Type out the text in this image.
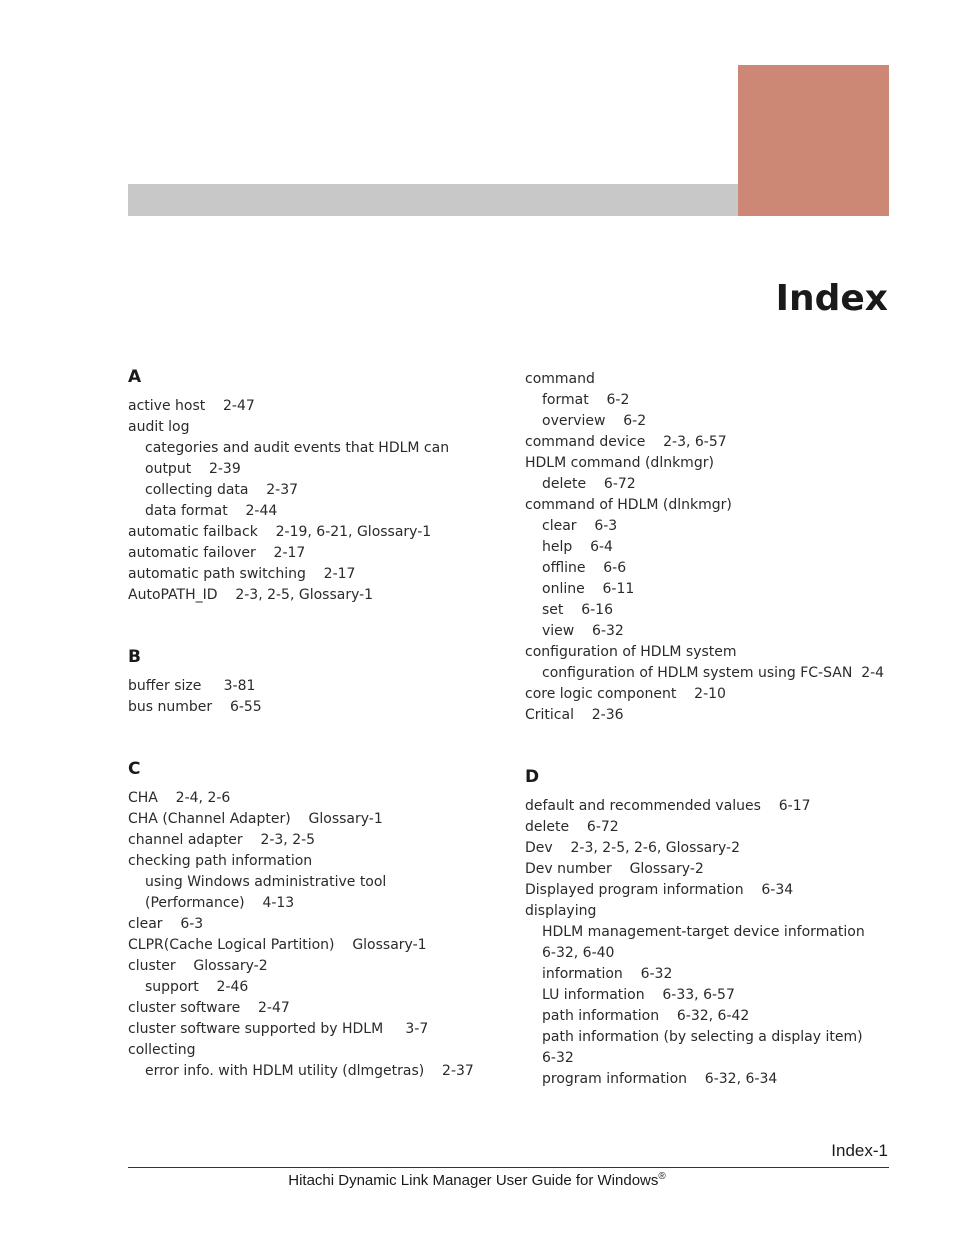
Index
A
active host    2-47
audit log
categories and audit events that HDLM can
output    2-39
collecting data    2-37
data format    2-44
automatic failback    2-19, 6-21, Glossary-1
automatic failover    2-17
automatic path switching    2-17
AutoPATH_ID    2-3, 2-5, Glossary-1
B
buffer size     3-81
bus number    6-55
C
CHA    2-4, 2-6
CHA (Channel Adapter)    Glossary-1
channel adapter    2-3, 2-5
checking path information
using Windows administrative tool
(Performance)    4-13
clear    6-3
CLPR(Cache Logical Partition)    Glossary-1
cluster    Glossary-2
support    2-46
cluster software    2-47
cluster software supported by HDLM     3-7
collecting
error info. with HDLM utility (dlmgetras)    2-37
command
format    6-2
overview    6-2
command device    2-3, 6-57
HDLM command (dlnkmgr)
delete    6-72
command of HDLM (dlnkmgr)
clear    6-3
help    6-4
offline    6-6
online    6-11
set    6-16
view    6-32
configuration of HDLM system
configuration of HDLM system using FC-SAN  2-4
core logic component    2-10
Critical    2-36
D
default and recommended values    6-17
delete    6-72
Dev    2-3, 2-5, 2-6, Glossary-2
Dev number    Glossary-2
Displayed program information    6-34
displaying
HDLM management-target device information
6-32, 6-40
information    6-32
LU information    6-33, 6-57
path information    6-32, 6-42
path information (by selecting a display item)
6-32
program information    6-32, 6-34
Index-1
Hitachi Dynamic Link Manager User Guide for Windows®
